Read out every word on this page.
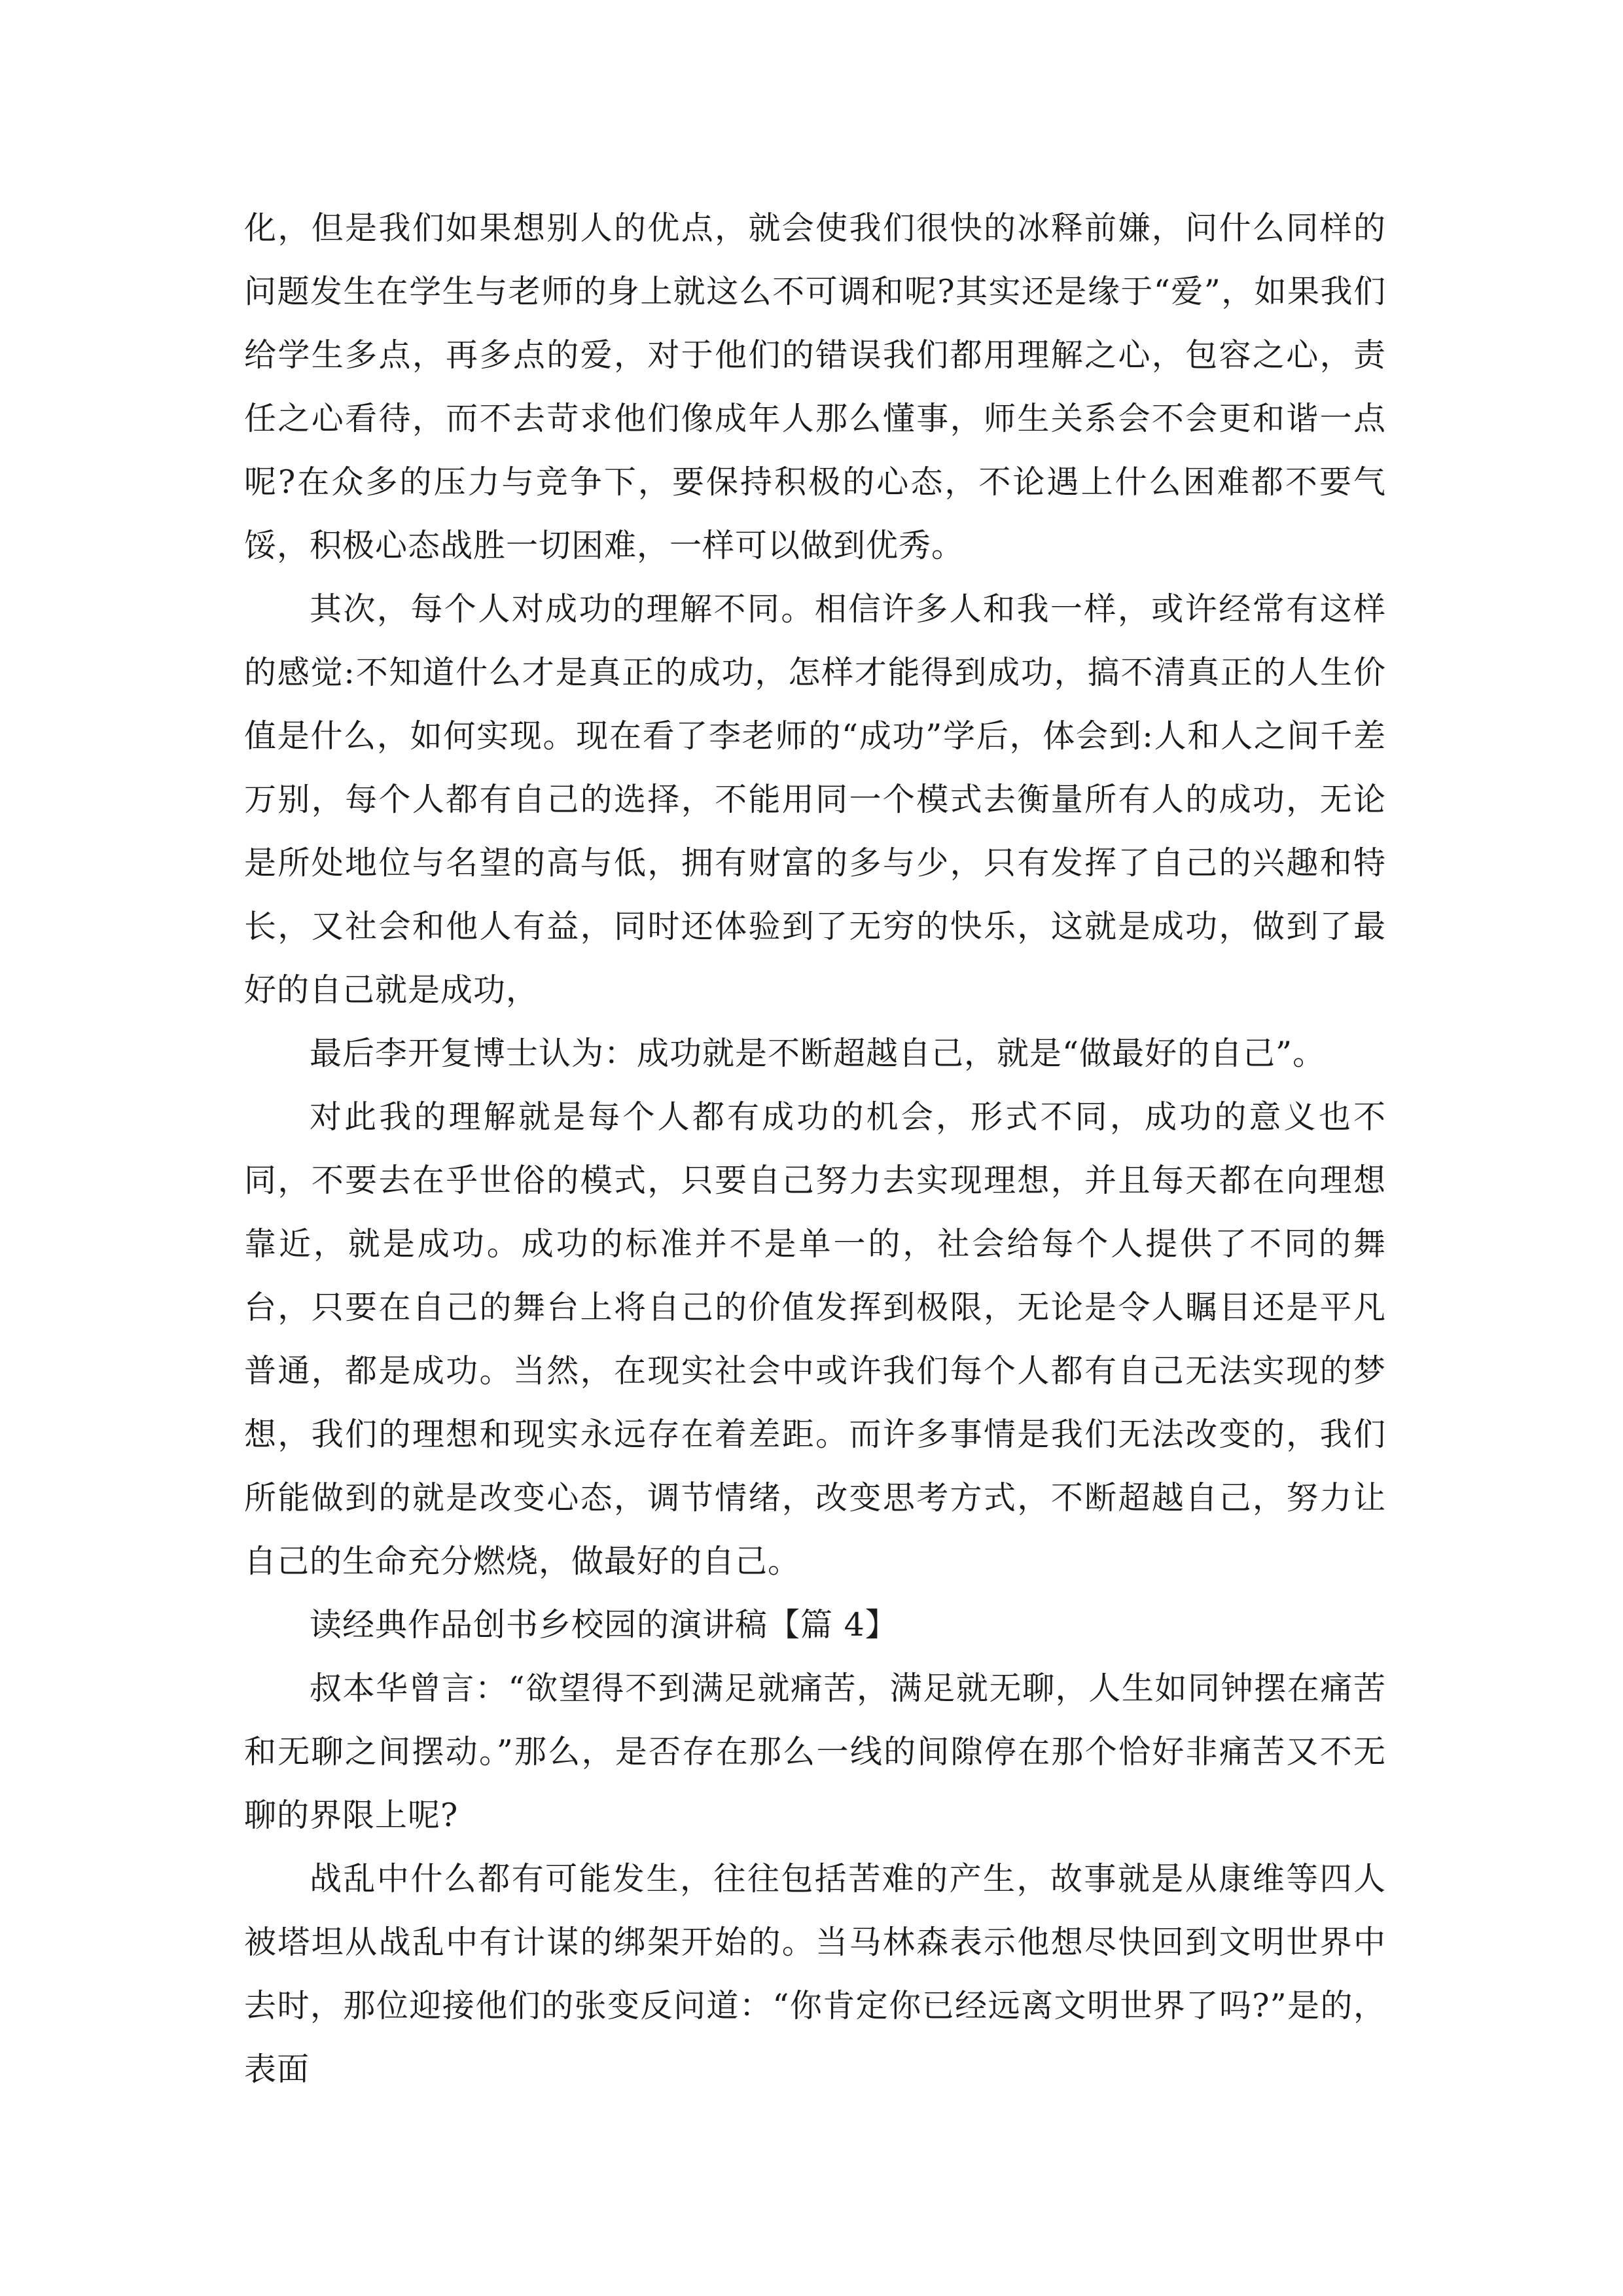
化，但是我们如果想别人的优点，就会使我们很快的冰释前嫌，问什么同样的问题发生在学生与老师的身上就这么不可调和呢?其实还是缘于“爱”，如果我们给学生多点，再多点的爱，对于他们的错误我们都用理解之心，包容之心，责任之心看待，而不去苛求他们像成年人那么懂事，师生关系会不会更和谐一点呢?在众多的压力与竞争下，要保持积极的心态，不论遇上什么困难都不要气馁，积极心态战胜一切困难，一样可以做到优秀。

其次，每个人对成功的理解不同。相信许多人和我一样，或许经常有这样的感觉:不知道什么才是真正的成功，怎样才能得到成功，搞不清真正的人生价值是什么，如何实现。现在看了李老师的“成功”学后，体会到:人和人之间千差万别，每个人都有自己的选择，不能用同一个模式去衡量所有人的成功，无论是所处地位与名望的高与低，拥有财富的多与少，只有发挥了自己的兴趣和特长，又社会和他人有益，同时还体验到了无穷的快乐，这就是成功，做到了最好的自己就是成功，

最后李开复博士认为：成功就是不断超越自己，就是“做最好的自己”。

对此我的理解就是每个人都有成功的机会，形式不同，成功的意义也不同，不要去在乎世俗的模式，只要自己努力去实现理想，并且每天都在向理想靠近，就是成功。成功的标准并不是单一的，社会给每个人提供了不同的舞台，只要在自己的舞台上将自己的价值发挥到极限，无论是令人瞩目还是平凡普通，都是成功。当然，在现实社会中或许我们每个人都有自己无法实现的梦想，我们的理想和现实永远存在着差距。而许多事情是我们无法改变的，我们所能做到的就是改变心态，调节情绪，改变思考方式，不断超越自己，努力让自己的生命充分燃烧，做最好的自己。

读经典作品创书乡校园的演讲稿【篇 4】

叔本华曾言：“欲望得不到满足就痛苦，满足就无聊，人生如同钟摆在痛苦和无聊之间摆动。”那么，是否存在那么一线的间隙停在那个恰好非痛苦又不无聊的界限上呢?

战乱中什么都有可能发生，往往包括苦难的产生，故事就是从康维等四人被塔坦从战乱中有计谋的绑架开始的。当马林森表示他想尽快回到文明世界中去时，那位迎接他们的张变反问道：“你肯定你已经远离文明世界了吗?”是的，表面
